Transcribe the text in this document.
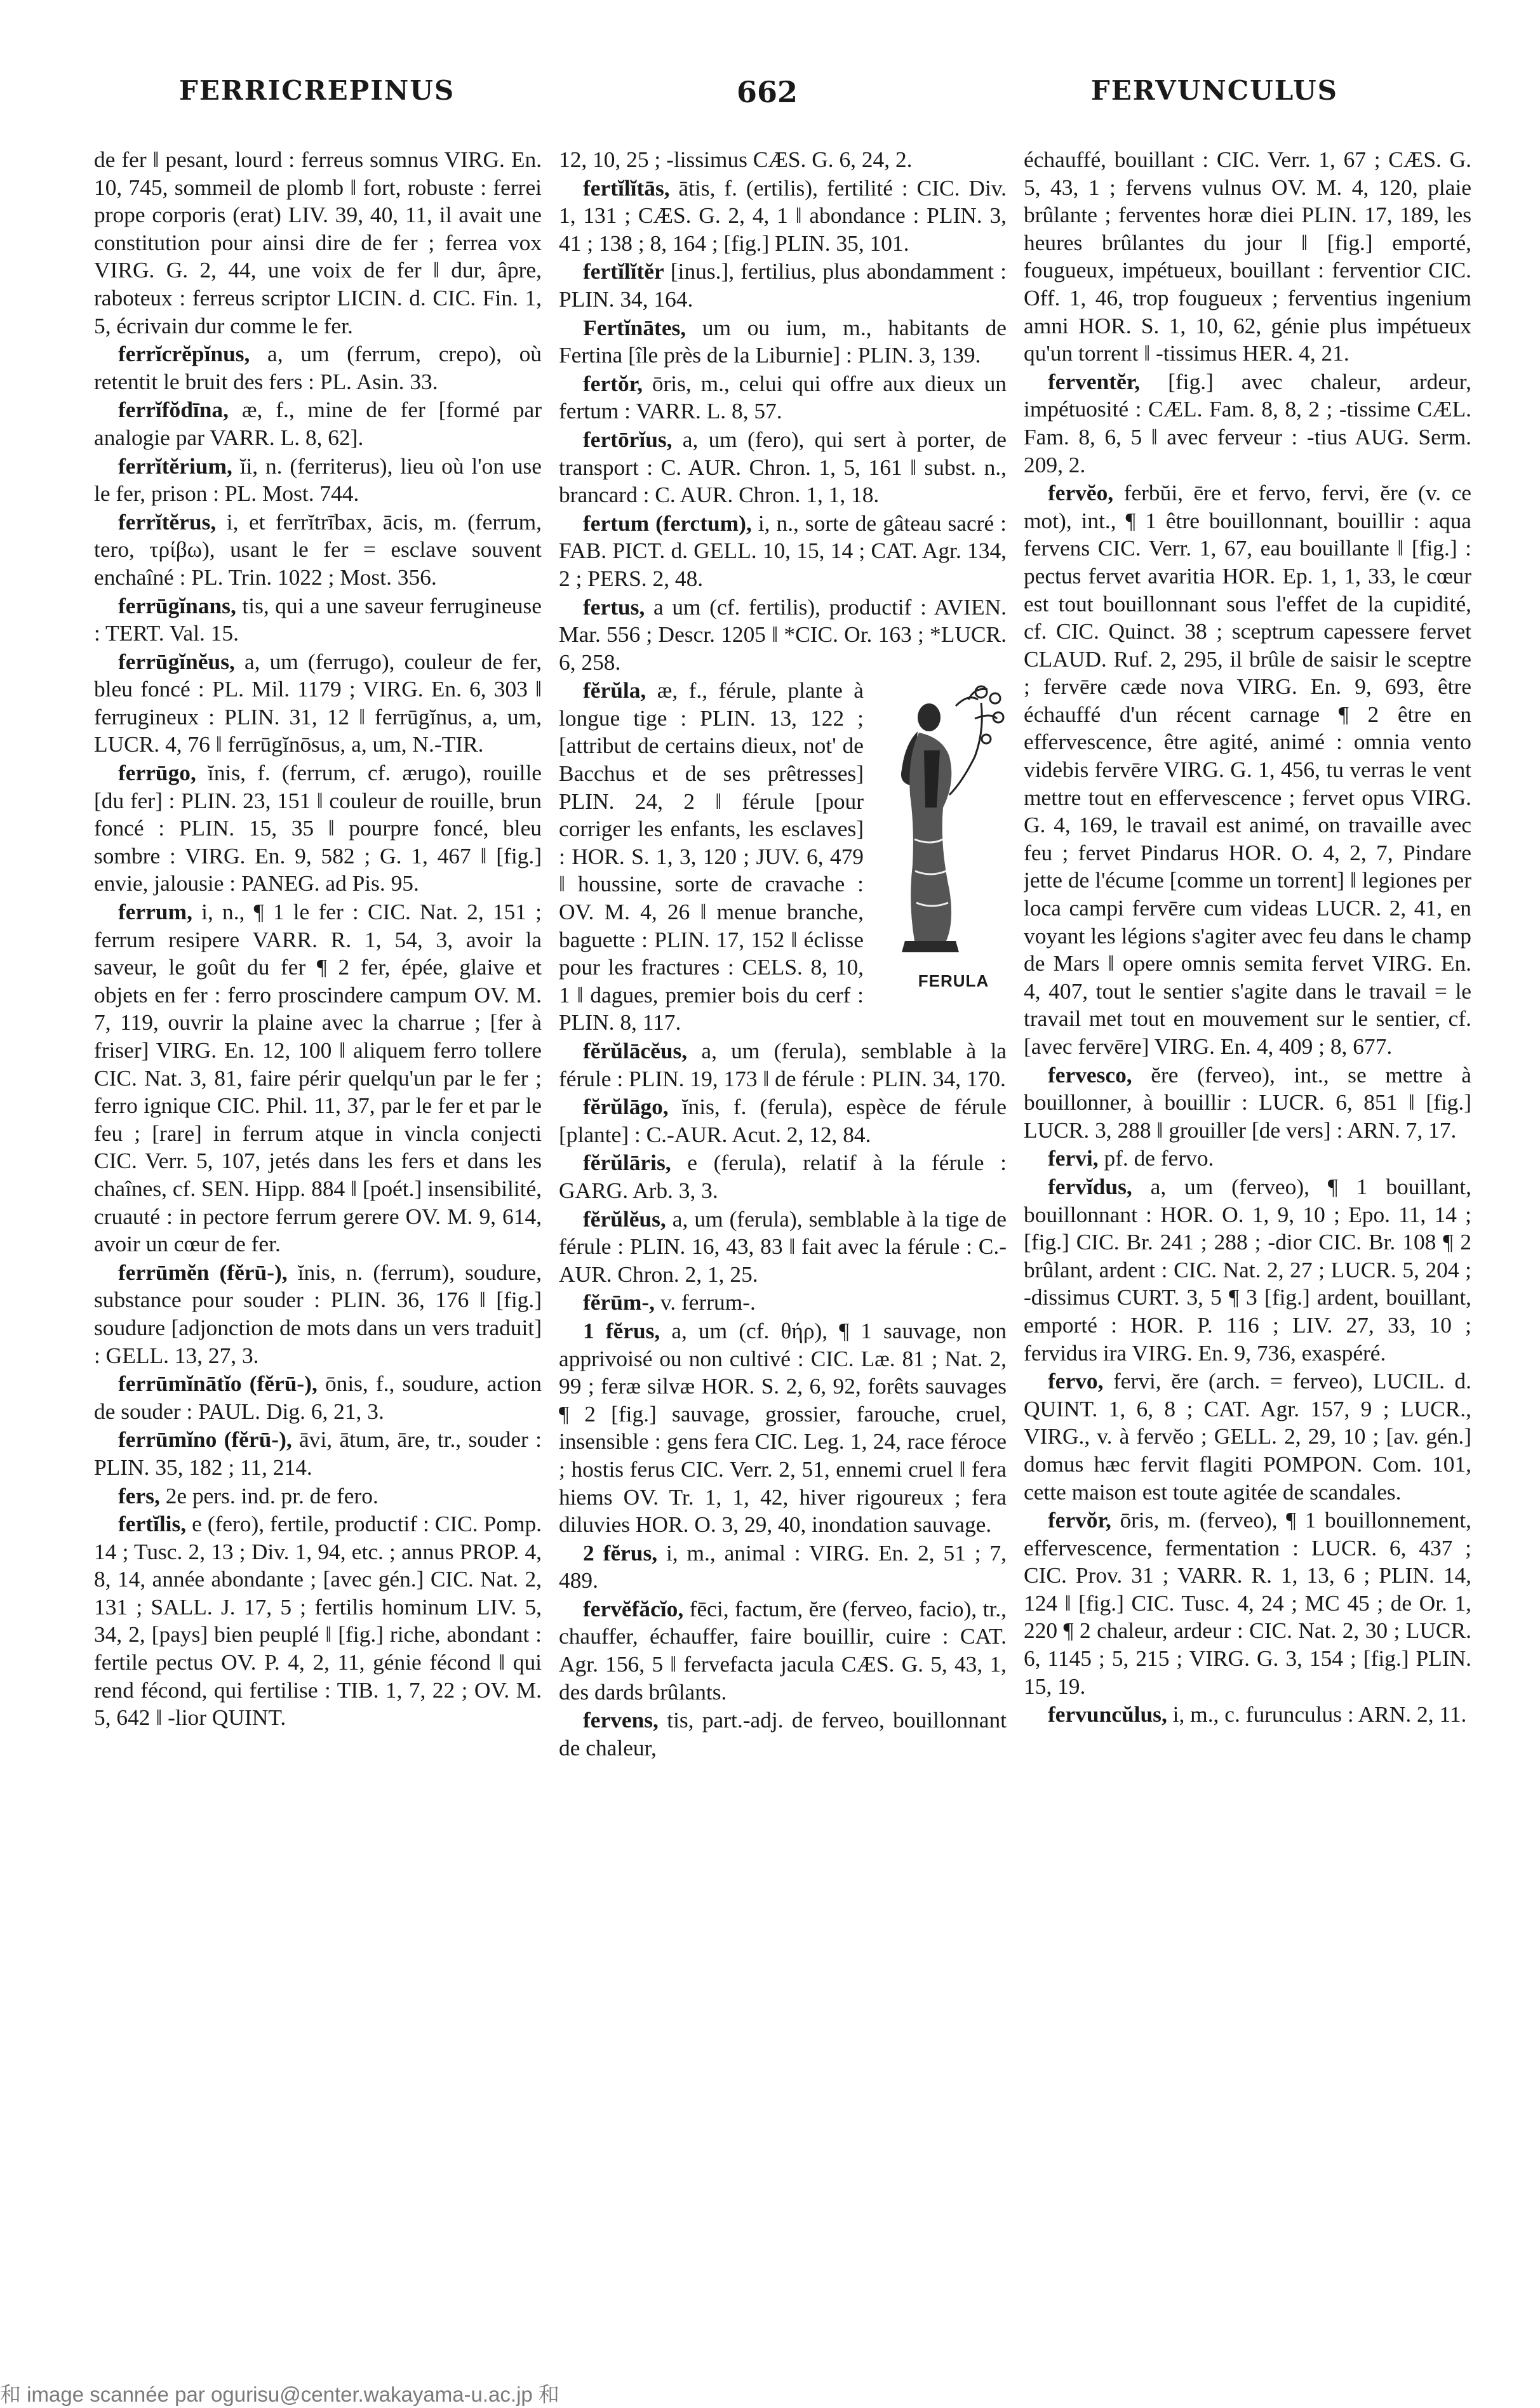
FERRICREPINUS	662	FERVUNCULUS

de fer ‖ pesant, lourd : ferreus somnus VIRG. En. 10, 745, sommeil de plomb ‖ fort, robuste : ferrei prope corporis (erat) LIV. 39, 40, 11, il avait une constitution pour ainsi dire de fer ; ferrea vox VIRG. G. 2, 44, une voix de fer ‖ dur, âpre, raboteux : ferreus scriptor LICIN. d. CIC. Fin. 1, 5, écrivain dur comme le fer.

ferrĭcrĕpĭnus, a, um (ferrum, crepo), où retentit le bruit des fers : PL. Asin. 33.

ferrĭfŏdīna, æ, f., mine de fer [formé par analogie par VARR. L. 8, 62].

ferrĭtĕrium, ĭi, n. (ferriterus), lieu où l'on use le fer, prison : PL. Most. 744.

ferrĭtĕrus, i, et ferrĭtrībax, ācis, m. (ferrum, tero, τρίβω), usant le fer = esclave souvent enchaîné : PL. Trin. 1022 ; Most. 356.

ferrūgĭnans, tis, qui a une saveur ferrugineuse : TERT. Val. 15.

ferrūgĭnĕus, a, um (ferrugo), couleur de fer, bleu foncé : PL. Mil. 1179 ; VIRG. En. 6, 303 ‖ ferrugineux : PLIN. 31, 12 ‖ ferrūgĭnus, a, um, LUCR. 4, 76 ‖ ferrūgĭnōsus, a, um, N.-TIR.

ferrūgo, ĭnis, f. (ferrum, cf. ærugo), rouille [du fer] : PLIN. 23, 151 ‖ couleur de rouille, brun foncé : PLIN. 15, 35 ‖ pourpre foncé, bleu sombre : VIRG. En. 9, 582 ; G. 1, 467 ‖ [fig.] envie, jalousie : PANEG. ad Pis. 95.

ferrum, i, n., ¶ 1 le fer : CIC. Nat. 2, 151 ; ferrum resipere VARR. R. 1, 54, 3, avoir la saveur, le goût du fer ¶ 2 fer, épée, glaive et objets en fer : ferro proscindere campum OV. M. 7, 119, ouvrir la plaine avec la charrue ; [fer à friser] VIRG. En. 12, 100 ‖ aliquem ferro tollere CIC. Nat. 3, 81, faire périr quelqu'un par le fer ; ferro ignique CIC. Phil. 11, 37, par le fer et par le feu ; [rare] in ferrum atque in vincla conjecti CIC. Verr. 5, 107, jetés dans les fers et dans les chaînes, cf. SEN. Hipp. 884 ‖ [poét.] insensibilité, cruauté : in pectore ferrum gerere OV. M. 9, 614, avoir un cœur de fer.

ferrūmĕn (fĕrū-), ĭnis, n. (ferrum), soudure, substance pour souder : PLIN. 36, 176 ‖ [fig.] soudure [adjonction de mots dans un vers traduit] : GELL. 13, 27, 3.

ferrūmĭnātĭo (fĕrū-), ōnis, f., soudure, action de souder : PAUL. Dig. 6, 21, 3.

ferrūmĭno (fĕrū-), āvi, ātum, āre, tr., souder : PLIN. 35, 182 ; 11, 214.

fers, 2e pers. ind. pr. de fero.

fertĭlis, e (fero), fertile, productif : CIC. Pomp. 14 ; Tusc. 2, 13 ; Div. 1, 94, etc. ; annus PROP. 4, 8, 14, année abondante ; [avec gén.] CIC. Nat. 2, 131 ; SALL. J. 17, 5 ; fertilis hominum LIV. 5, 34, 2, [pays] bien peuplé ‖ [fig.] riche, abondant : fertile pectus OV. P. 4, 2, 11, génie fécond ‖ qui rend fécond, qui fertilise : TIB. 1, 7, 22 ; OV. M. 5, 642 ‖ -lior QUINT.

12, 10, 25 ; -lissimus CÆS. G. 6, 24, 2.

fertĭlĭtās, ātis, f. (ertilis), fertilité : CIC. Div. 1, 131 ; CÆS. G. 2, 4, 1 ‖ abondance : PLIN. 3, 41 ; 138 ; 8, 164 ; [fig.] PLIN. 35, 101.

fertĭlĭtĕr [inus.], fertilius, plus abondamment : PLIN. 34, 164.

Fertĭnātes, um ou ium, m., habitants de Fertina [île près de la Liburnie] : PLIN. 3, 139.

fertŏr, ōris, m., celui qui offre aux dieux un fertum : VARR. L. 8, 57.

fertōrĭus, a, um (fero), qui sert à porter, de transport : C. AUR. Chron. 1, 5, 161 ‖ subst. n., brancard : C. AUR. Chron. 1, 1, 18.

fertum (ferctum), i, n., sorte de gâteau sacré : FAB. PICT. d. GELL. 10, 15, 14 ; CAT. Agr. 134, 2 ; PERS. 2, 48.

fertus, a um (cf. fertilis), productif : AVIEN. Mar. 556 ; Descr. 1205 ‖ *CIC. Or. 163 ; *LUCR. 6, 258.

FERULA
fĕrŭla, æ, f., férule, plante à longue tige : PLIN. 13, 122 ; [attribut de certains dieux, not' de Bacchus et de ses prêtresses] PLIN. 24, 2 ‖ férule [pour corriger les enfants, les esclaves] : HOR. S. 1, 3, 120 ; JUV. 6, 479 ‖ houssine, sorte de cravache : OV. M. 4, 26 ‖ menue branche, baguette : PLIN. 17, 152 ‖ éclisse pour les fractures : CELS. 8, 10, 1 ‖ dagues, premier bois du cerf : PLIN. 8, 117.

fĕrŭlācĕus, a, um (ferula), semblable à la férule : PLIN. 19, 173 ‖ de férule : PLIN. 34, 170.

fĕrŭlāgo, ĭnis, f. (ferula), espèce de férule [plante] : C.-AUR. Acut. 2, 12, 84.

fĕrŭlāris, e (ferula), relatif à la férule : GARG. Arb. 3, 3.

fĕrŭlĕus, a, um (ferula), semblable à la tige de férule : PLIN. 16, 43, 83 ‖ fait avec la férule : C.-AUR. Chron. 2, 1, 25.

fĕrūm-, v. ferrum-.

1 fĕrus, a, um (cf. θήρ), ¶ 1 sauvage, non apprivoisé ou non cultivé : CIC. Læ. 81 ; Nat. 2, 99 ; feræ silvæ HOR. S. 2, 6, 92, forêts sauvages ¶ 2 [fig.] sauvage, grossier, farouche, cruel, insensible : gens fera CIC. Leg. 1, 24, race féroce ; hostis ferus CIC. Verr. 2, 51, ennemi cruel ‖ fera hiems OV. Tr. 1, 1, 42, hiver rigoureux ; fera diluvies HOR. O. 3, 29, 40, inondation sauvage.

2 fĕrus, i, m., animal : VIRG. En. 2, 51 ; 7, 489.

fervĕfăcĭo, fēci, factum, ĕre (ferveo, facio), tr., chauffer, échauffer, faire bouillir, cuire : CAT. Agr. 156, 5 ‖ fervefacta jacula CÆS. G. 5, 43, 1, des dards brûlants.

fervens, tis, part.-adj. de ferveo, bouillonnant de chaleur,

échauffé, bouillant : CIC. Verr. 1, 67 ; CÆS. G. 5, 43, 1 ; fervens vulnus OV. M. 4, 120, plaie brûlante ; ferventes horæ diei PLIN. 17, 189, les heures brûlantes du jour ‖ [fig.] emporté, fougueux, impétueux, bouillant : ferventior CIC. Off. 1, 46, trop fougueux ; ferventius ingenium amni HOR. S. 1, 10, 62, génie plus impétueux qu'un torrent ‖ -tissimus HER. 4, 21.

ferventĕr, [fig.] avec chaleur, ardeur, impétuosité : CÆL. Fam. 8, 8, 2 ; -tissime CÆL. Fam. 8, 6, 5 ‖ avec ferveur : -tius AUG. Serm. 209, 2.

fervĕo, ferbŭi, ēre et fervo, fervi, ĕre (v. ce mot), int., ¶ 1 être bouillonnant, bouillir : aqua fervens CIC. Verr. 1, 67, eau bouillante ‖ [fig.] : pectus fervet avaritia HOR. Ep. 1, 1, 33, le cœur est tout bouillonnant sous l'effet de la cupidité, cf. CIC. Quinct. 38 ; sceptrum capessere fervet CLAUD. Ruf. 2, 295, il brûle de saisir le sceptre ; fervēre cæde nova VIRG. En. 9, 693, être échauffé d'un récent carnage ¶ 2 être en effervescence, être agité, animé : omnia vento videbis fervēre VIRG. G. 1, 456, tu verras le vent mettre tout en effervescence ; fervet opus VIRG. G. 4, 169, le travail est animé, on travaille avec feu ; fervet Pindarus HOR. O. 4, 2, 7, Pindare jette de l'écume [comme un torrent] ‖ legiones per loca campi fervēre cum videas LUCR. 2, 41, en voyant les légions s'agiter avec feu dans le champ de Mars ‖ opere omnis semita fervet VIRG. En. 4, 407, tout le sentier s'agite dans le travail = le travail met tout en mouvement sur le sentier, cf. [avec fervēre] VIRG. En. 4, 409 ; 8, 677.

fervesco, ĕre (ferveo), int., se mettre à bouillonner, à bouillir : LUCR. 6, 851 ‖ [fig.] LUCR. 3, 288 ‖ grouiller [de vers] : ARN. 7, 17.

fervi, pf. de fervo.

fervĭdus, a, um (ferveo), ¶ 1 bouillant, bouillonnant : HOR. O. 1, 9, 10 ; Epo. 11, 14 ; [fig.] CIC. Br. 241 ; 288 ; -dior CIC. Br. 108 ¶ 2 brûlant, ardent : CIC. Nat. 2, 27 ; LUCR. 5, 204 ; -dissimus CURT. 3, 5 ¶ 3 [fig.] ardent, bouillant, emporté : HOR. P. 116 ; LIV. 27, 33, 10 ; fervidus ira VIRG. En. 9, 736, exaspéré.

fervo, fervi, ĕre (arch. = ferveo), LUCIL. d. QUINT. 1, 6, 8 ; CAT. Agr. 157, 9 ; LUCR., VIRG., v. à fervĕo ; GELL. 2, 29, 10 ; [av. gén.] domus hæc fervit flagiti POMPON. Com. 101, cette maison est toute agitée de scandales.

fervŏr, ōris, m. (ferveo), ¶ 1 bouillonnement, effervescence, fermentation : LUCR. 6, 437 ; CIC. Prov. 31 ; VARR. R. 1, 13, 6 ; PLIN. 14, 124 ‖ [fig.] CIC. Tusc. 4, 24 ; MC 45 ; de Or. 1, 220 ¶ 2 chaleur, ardeur : CIC. Nat. 2, 30 ; LUCR. 6, 1145 ; 5, 215 ; VIRG. G. 3, 154 ; [fig.] PLIN. 15, 19.

fervuncŭlus, i, m., c. furunculus : ARN. 2, 11.

和 image scannée par ogurisu@center.wakayama-u.ac.jp 和
